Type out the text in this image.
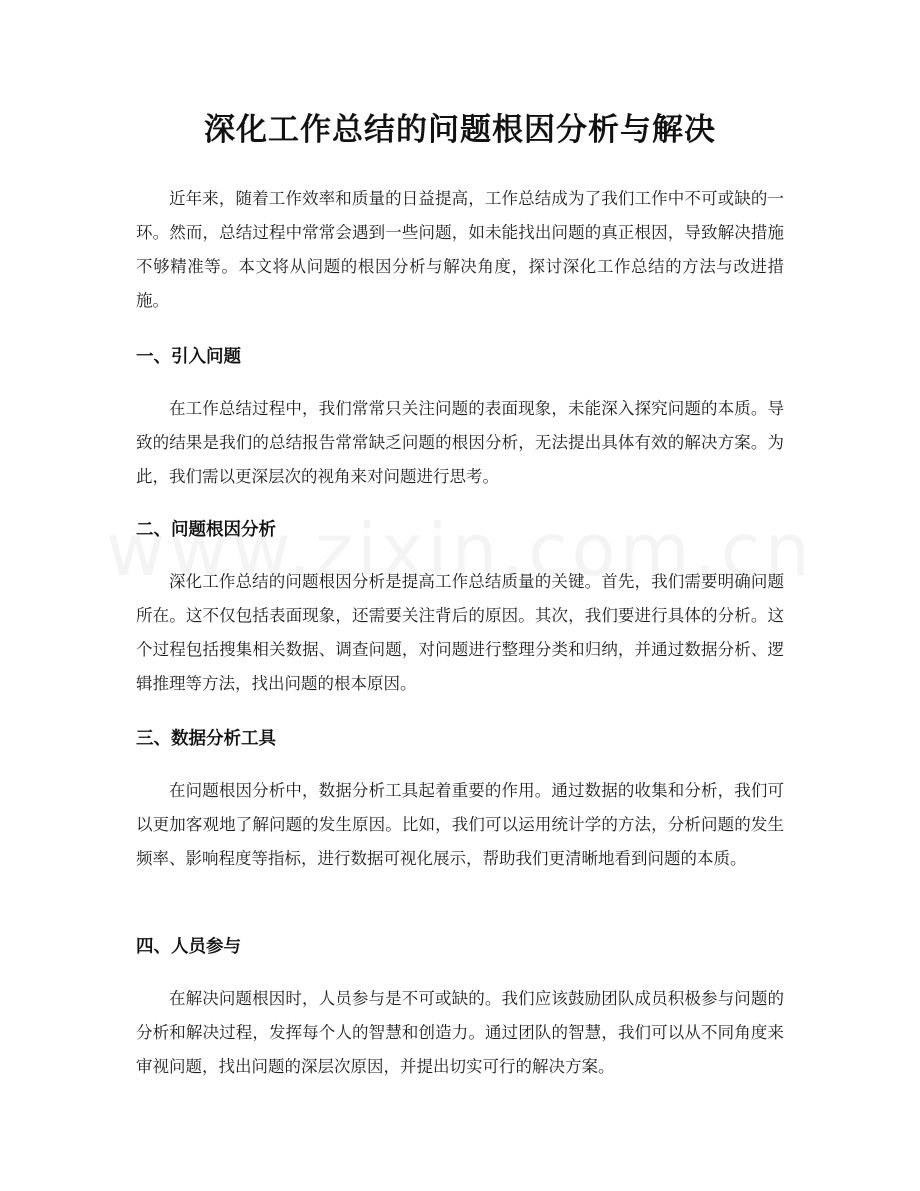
深化工作总结的问题根因分析与解决

近年来，随着工作效率和质量的日益提高，工作总结成为了我们工作中不可或缺的一环。然而，总结过程中常常会遇到一些问题，如未能找出问题的真正根因，导致解决措施不够精准等。本文将从问题的根因分析与解决角度，探讨深化工作总结的方法与改进措施。

一、引入问题

在工作总结过程中，我们常常只关注问题的表面现象，未能深入探究问题的本质。导致的结果是我们的总结报告常常缺乏问题的根因分析，无法提出具体有效的解决方案。为此，我们需以更深层次的视角来对问题进行思考。

二、问题根因分析

深化工作总结的问题根因分析是提高工作总结质量的关键。首先，我们需要明确问题所在。这不仅包括表面现象，还需要关注背后的原因。其次，我们要进行具体的分析。这个过程包括搜集相关数据、调查问题，对问题进行整理分类和归纳，并通过数据分析、逻辑推理等方法，找出问题的根本原因。

三、数据分析工具

在问题根因分析中，数据分析工具起着重要的作用。通过数据的收集和分析，我们可以更加客观地了解问题的发生原因。比如，我们可以运用统计学的方法，分析问题的发生频率、影响程度等指标，进行数据可视化展示，帮助我们更清晰地看到问题的本质。

四、人员参与

在解决问题根因时，人员参与是不可或缺的。我们应该鼓励团队成员积极参与问题的分析和解决过程，发挥每个人的智慧和创造力。通过团队的智慧，我们可以从不同角度来审视问题，找出问题的深层次原因，并提出切实可行的解决方案。
